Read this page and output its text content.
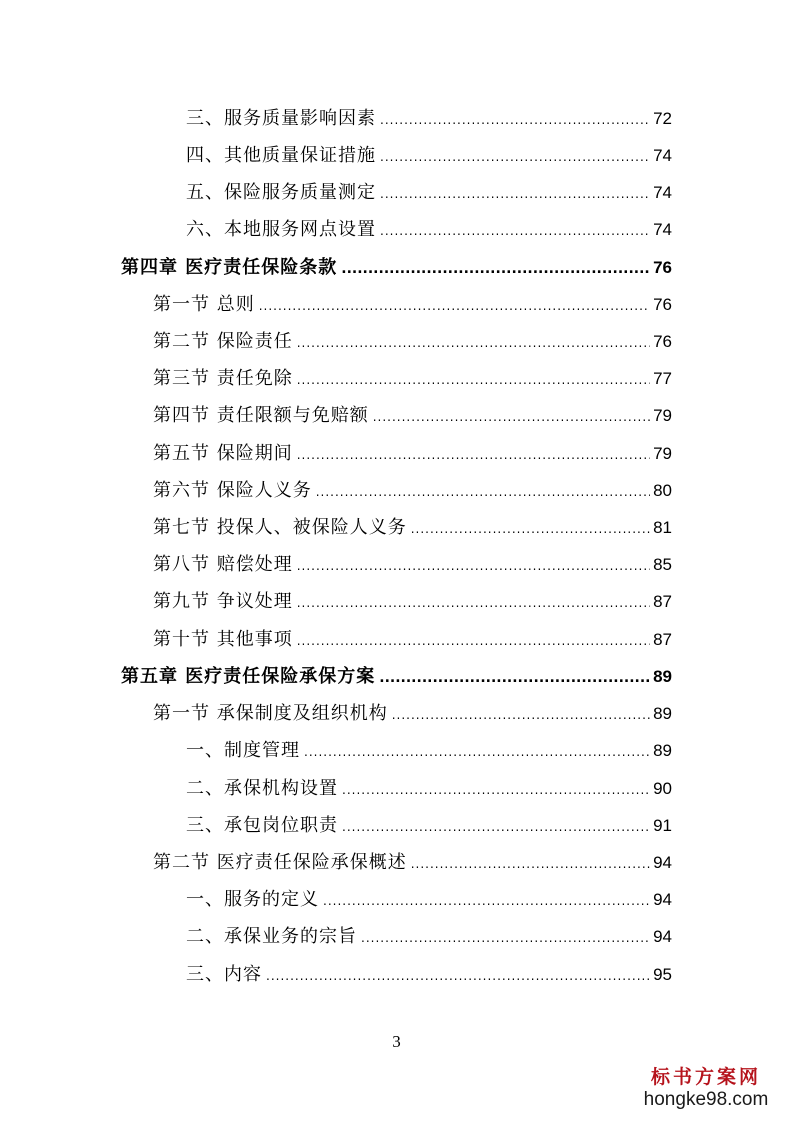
三、服务质量影响因素 .....	72
四、其他质量保证措施 .....	74
五、保险服务质量测定 .....	74
六、本地服务网点设置 .....	74
第四章 医疗责任保险条款 .....	76
第一节 总则 .....	76
第二节 保险责任 .....	76
第三节 责任免除 .....	77
第四节 责任限额与免赔额 .....	79
第五节 保险期间 .....	79
第六节 保险人义务 .....	80
第七节 投保人、被保险人义务 .....	81
第八节 赔偿处理 .....	85
第九节 争议处理 .....	87
第十节 其他事项 .....	87
第五章 医疗责任保险承保方案 .....	89
第一节 承保制度及组织机构 .....	89
一、制度管理 .....	89
二、承保机构设置 .....	90
三、承包岗位职责 .....	91
第二节 医疗责任保险承保概述 .....	94
一、服务的定义 .....	94
二、承保业务的宗旨 .....	94
三、内容 .....	95
3
标书方案网
hongke98.com
